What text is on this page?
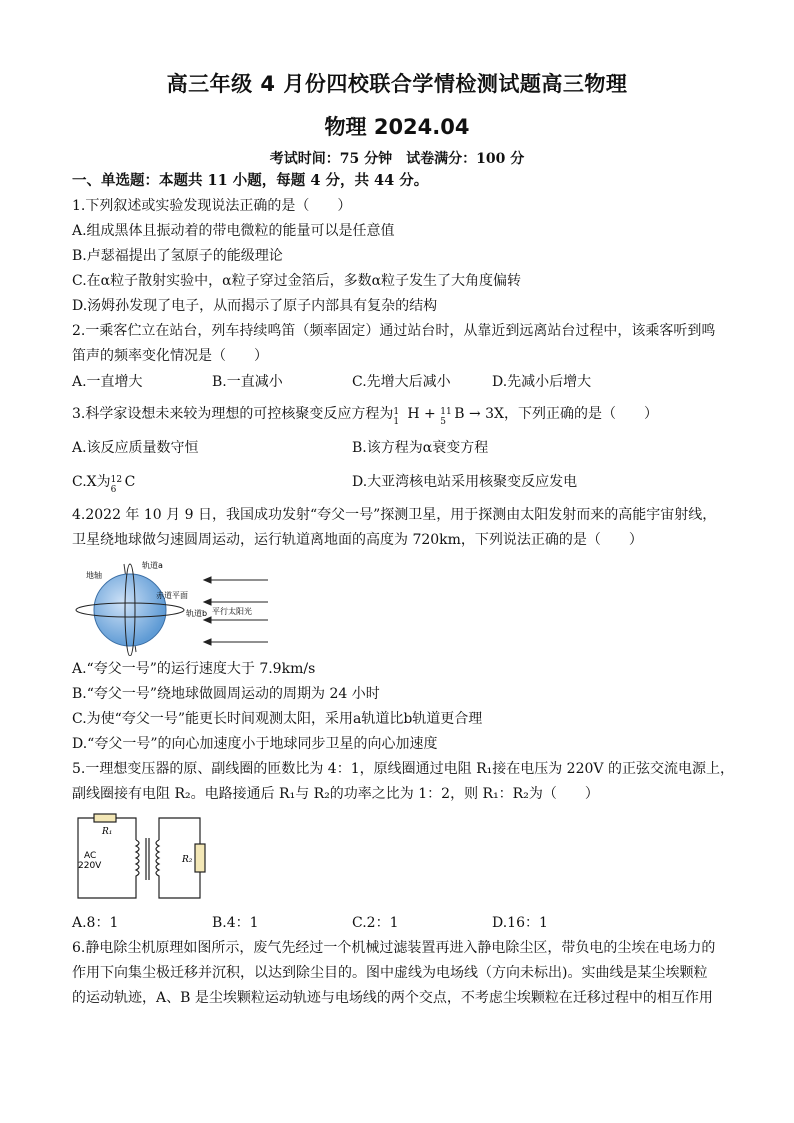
高三年级 4 月份四校联合学情检测试题高三物理
物理 2024.04
考试时间：75 分钟 试卷满分：100 分
一、单选题：本题共 11 小题，每题 4 分，共 44 分。
1.下列叙述或实验发现说法正确的是（　　）
A.组成黑体且振动着的带电微粒的能量可以是任意值
B.卢瑟福提出了氢原子的能级理论
C.在α粒子散射实验中，α粒子穿过金箔后，多数α粒子发生了大角度偏转
D.汤姆孙发现了电子，从而揭示了原子内部具有复杂的结构
2.一乘客伫立在站台，列车持续鸣笛（频率固定）通过站台时，从靠近到远离站台过程中，该乘客听到鸣
笛声的频率变化情况是（　　）
A.一直增大	B.一直减小	C.先增大后减小	D.先减小后增大
3.科学家设想未来较为理想的可控核聚变反应方程为 1
1 H + 11
5 B → 3X，下列正确的是（　　）
A.该反应质量数守恒	B.该方程为α衰变方程
C.X为 12
6 C	D.大亚湾核电站采用核聚变反应发电
4.2022 年 10 月 9 日，我国成功发射“夸父一号”探测卫星，用于探测由太阳发射而来的高能宇宙射线，
卫星绕地球做匀速圆周运动，运行轨道离地面的高度为 720km，下列说法正确的是（　　）
地轴
轨道a
赤道平面
轨道b 平行太阳光
A.“夸父一号”的运行速度大于 7.9km/s
B.“夸父一号”绕地球做圆周运动的周期为 24 小时
C.为使“夸父一号”能更长时间观测太阳，采用a轨道比b轨道更合理
D.“夸父一号”的向心加速度小于地球同步卫星的向心加速度
5.一理想变压器的原、副线圈的匝数比为 4：1，原线圈通过电阻 R₁接在电压为 220V 的正弦交流电源上，
副线圈接有电阻 R₂。电路接通后 R₁与 R₂的功率之比为 1：2，则 R₁：R₂为（　　）
R₁
R₂
AC
220V
A.8：1	B.4：1	C.2：1	D.16：1
6.静电除尘机原理如图所示，废气先经过一个机械过滤装置再进入静电除尘区，带负电的尘埃在电场力的
作用下向集尘极迁移并沉积，以达到除尘目的。图中虚线为电场线（方向未标出)。实曲线是某尘埃颗粒
的运动轨迹，A、B 是尘埃颗粒运动轨迹与电场线的两个交点，不考虑尘埃颗粒在迁移过程中的相互作用
